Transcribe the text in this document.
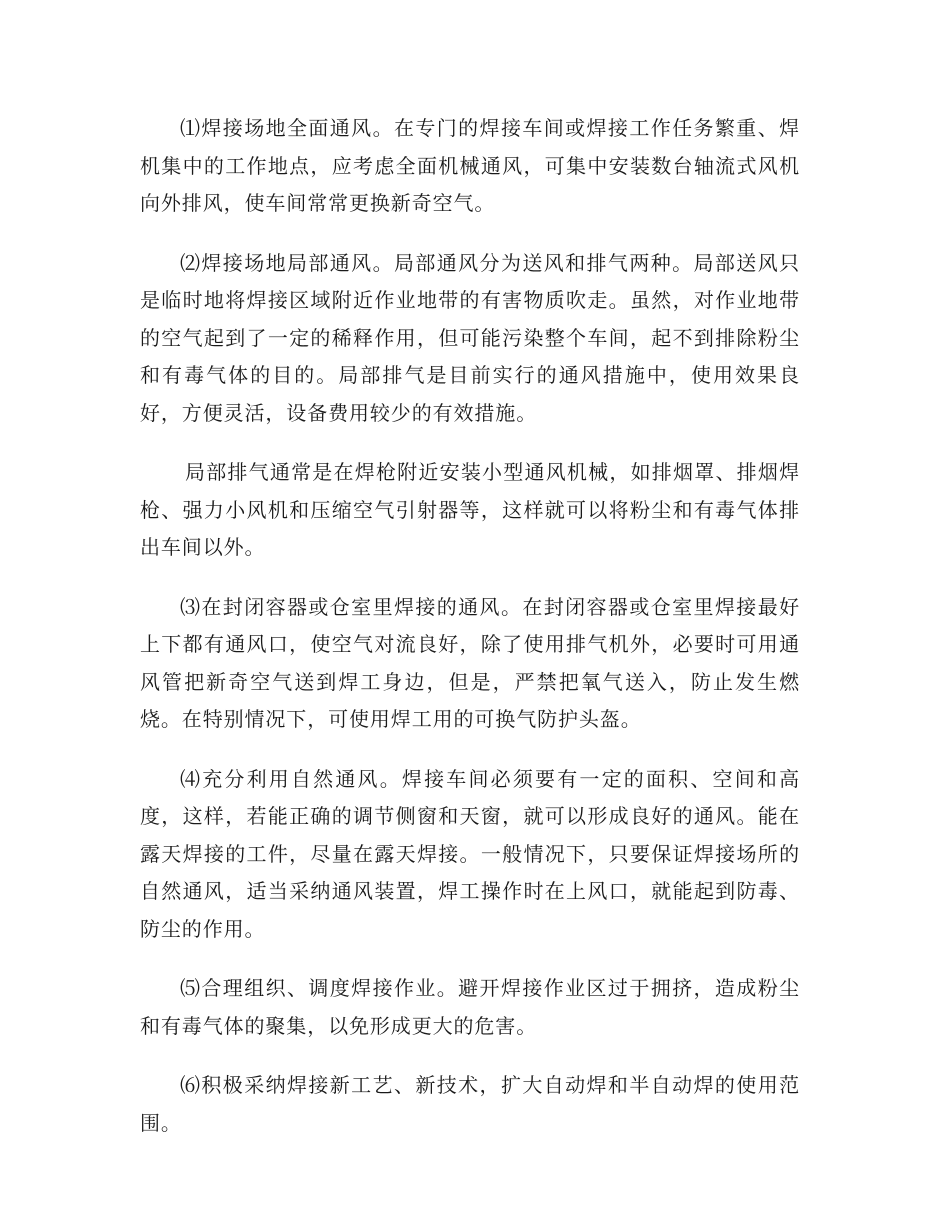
⑴焊接场地全面通风。在专门的焊接车间或焊接工作任务繁重、焊机集中的工作地点，应考虑全面机械通风，可集中安装数台轴流式风机向外排风，使车间常常更换新奇空气。

⑵焊接场地局部通风。局部通风分为送风和排气两种。局部送风只是临时地将焊接区域附近作业地带的有害物质吹走。虽然，对作业地带的空气起到了一定的稀释作用，但可能污染整个车间，起不到排除粉尘和有毒气体的目的。局部排气是目前实行的通风措施中，使用效果良好，方便灵活，设备费用较少的有效措施。

局部排气通常是在焊枪附近安装小型通风机械，如排烟罩、排烟焊枪、强力小风机和压缩空气引射器等，这样就可以将粉尘和有毒气体排出车间以外。

⑶在封闭容器或仓室里焊接的通风。在封闭容器或仓室里焊接最好上下都有通风口，使空气对流良好，除了使用排气机外，必要时可用通风管把新奇空气送到焊工身边，但是，严禁把氧气送入，防止发生燃烧。在特别情况下，可使用焊工用的可换气防护头盔。

⑷充分利用自然通风。焊接车间必须要有一定的面积、空间和高度，这样，若能正确的调节侧窗和天窗，就可以形成良好的通风。能在露天焊接的工件，尽量在露天焊接。一般情况下，只要保证焊接场所的自然通风，适当采纳通风装置，焊工操作时在上风口，就能起到防毒、防尘的作用。

⑸合理组织、调度焊接作业。避开焊接作业区过于拥挤，造成粉尘和有毒气体的聚集，以免形成更大的危害。

⑹积极采纳焊接新工艺、新技术，扩大自动焊和半自动焊的使用范围。
